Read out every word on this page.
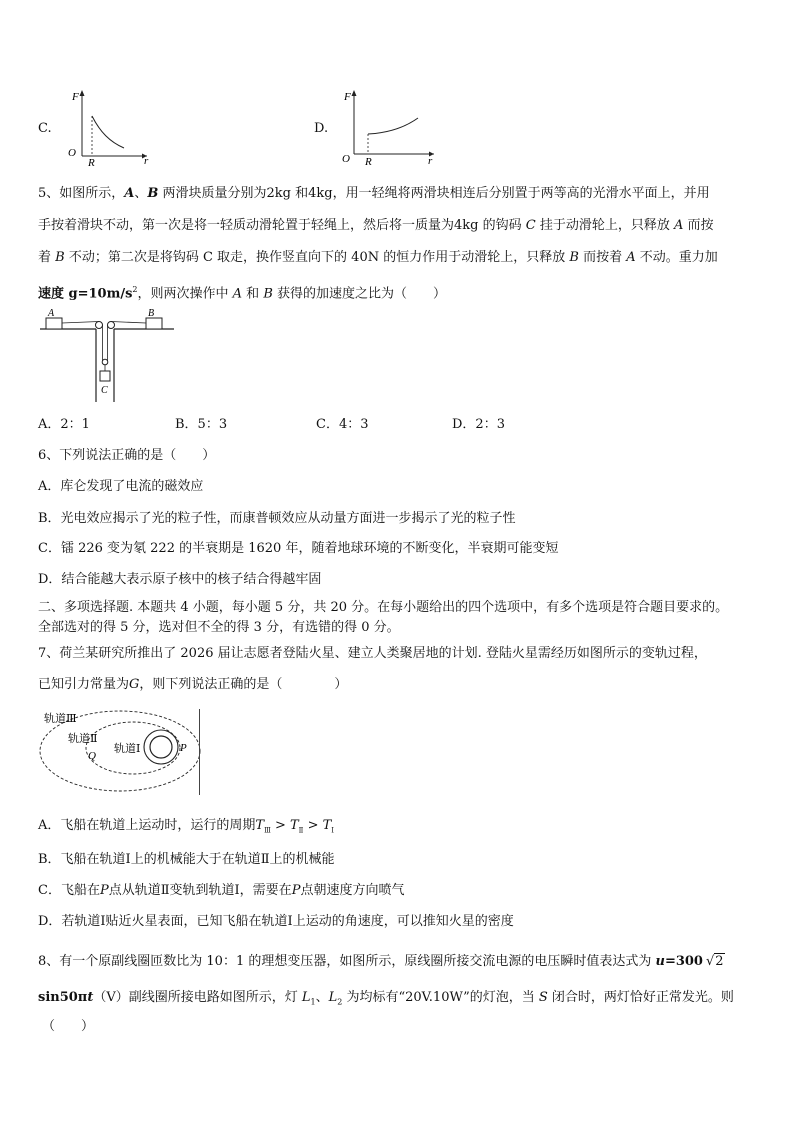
C.
F
r
O
R
D.
F
r
O R
5、如图所示，A、B 两滑块质量分别为2kg 和4kg，用一轻绳将两滑块相连后分别置于两等高的光滑水平面上，并用
手按着滑块不动，第一次是将一轻质动滑轮置于轻绳上，然后将一质量为4kg 的钩码 C 挂于动滑轮上，只释放 A 而按
着 B 不动；第二次是将钩码 C 取走，换作竖直向下的 40N 的恒力作用于动滑轮上，只释放 B 而按着 A 不动。重力加
速度 $g=10m/s^2$，则两次操作中 A 和 B 获得的加速度之比为（　　）
A	B
C
A．2：1	B．5：3	C．4：3	D．2：3
6、下列说法正确的是（　　）
A．库仑发现了电流的磁效应
B．光电效应揭示了光的粒子性，而康普顿效应从动量方面进一步揭示了光的粒子性
C．镭 226 变为氡 222 的半衰期是 1620 年，随着地球环境的不断变化，半衰期可能变短
D．结合能越大表示原子核中的核子结合得越牢固
二、多项选择题. 本题共 4 小题，每小题 5 分，共 20 分。在每小题给出的四个选项中，有多个选项是符合题目要求的。
全部选对的得 5 分，选对但不全的得 3 分，有选错的得 0 分。
7、荷兰某研究所推出了 2026 届让志愿者登陆火星、建立人类聚居地的计划. 登陆火星需经历如图所示的变轨过程，
已知引力常量为G，则下列说法正确的是（　　　　）
轨道Ⅲ
轨道Ⅱ
轨道Ⅰ
Q
P
A．飞船在轨道上运动时，运行的周期$T_Ⅲ > T_Ⅱ > T_Ⅰ$
B．飞船在轨道Ⅰ上的机械能大于在轨道Ⅱ上的机械能
C．飞船在P点从轨道Ⅱ变轨到轨道Ⅰ，需要在P点朝速度方向喷气
D．若轨道Ⅰ贴近火星表面，已知飞船在轨道Ⅰ上运动的角速度，可以推知火星的密度
8、有一个原副线圈匝数比为 10：1 的理想变压器，如图所示，原线圈所接交流电源的电压瞬时值表达式为 u=300 √2
sin50πt（V）副线圈所接电路如图所示，灯 $L_1$、$L_2$ 为均标有“20V.10W”的灯泡，当 S 闭合时，两灯恰好正常发光。则
（　　）
